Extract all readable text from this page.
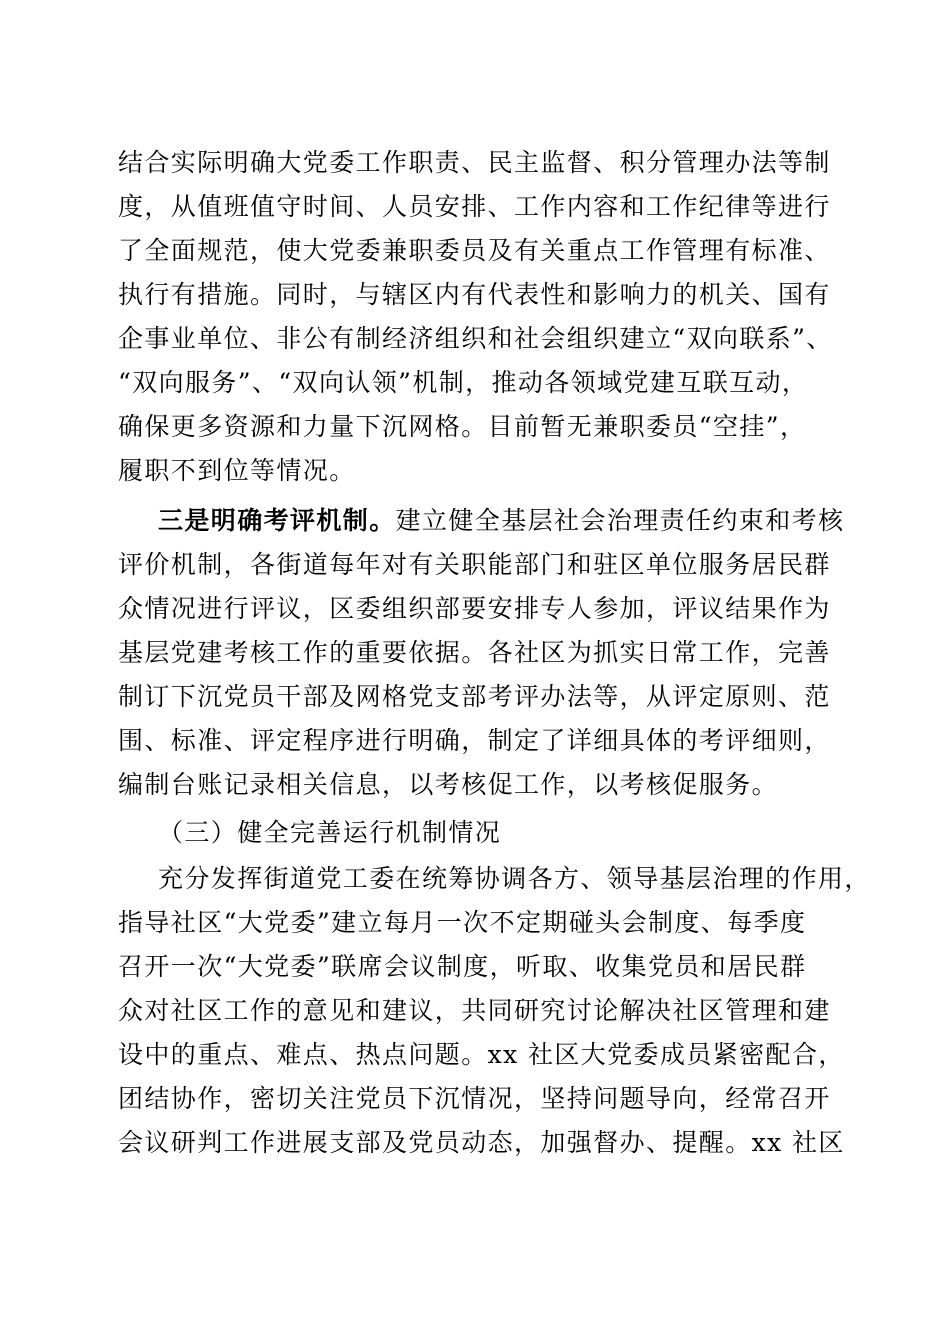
结合实际明确大党委工作职责、民主监督、积分管理办法等制
度，从值班值守时间、人员安排、工作内容和工作纪律等进行
了全面规范，使大党委兼职委员及有关重点工作管理有标准、
执行有措施。同时，与辖区内有代表性和影响力的机关、国有
企事业单位、非公有制经济组织和社会组织建立“双向联系”、
“双向服务”、“双向认领”机制，推动各领域党建互联互动，
确保更多资源和力量下沉网格。目前暂无兼职委员“空挂”，
履职不到位等情况。
三是明确考评机制。建立健全基层社会治理责任约束和考核
评价机制，各街道每年对有关职能部门和驻区单位服务居民群
众情况进行评议，区委组织部要安排专人参加，评议结果作为
基层党建考核工作的重要依据。各社区为抓实日常工作，完善
制订下沉党员干部及网格党支部考评办法等，从评定原则、范
围、标准、评定程序进行明确，制定了详细具体的考评细则，
编制台账记录相关信息，以考核促工作，以考核促服务。
（三）健全完善运行机制情况
充分发挥街道党工委在统筹协调各方、领导基层治理的作用，
指导社区“大党委”建立每月一次不定期碰头会制度、每季度
召开一次“大党委”联席会议制度，听取、收集党员和居民群
众对社区工作的意见和建议，共同研究讨论解决社区管理和建
设中的重点、难点、热点问题。xx 社区大党委成员紧密配合，
团结协作，密切关注党员下沉情况，坚持问题导向，经常召开
会议研判工作进展支部及党员动态，加强督办、提醒。xx 社区
